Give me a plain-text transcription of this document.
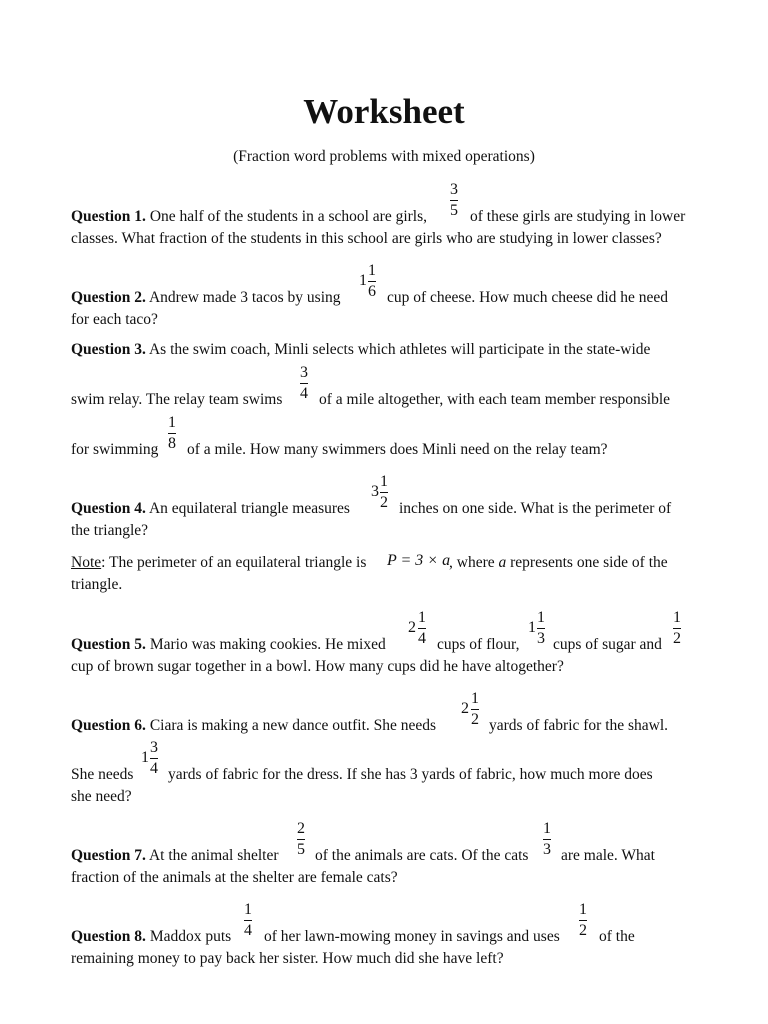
Worksheet
(Fraction word problems with mixed operations)
Question 1. One half of the students in a school are girls,
3
5 of these girls are studying in lower
classes. What fraction of the students in this school are girls who are studying in lower classes?
Question 2. Andrew made 3 tacos by using
1
1
6 cup of cheese. How much cheese did he need
for each taco?
Question 3. As the swim coach, Minli selects which athletes will participate in the state-wide
swim relay. The relay team swims
3
4 of a mile altogether, with each team member responsible
for swimming
1
8 of a mile. How many swimmers does Minli need on the relay team?
Question 4. An equilateral triangle measures
3
1
2 inches on one side. What is the perimeter of
the triangle?
Note: The perimeter of an equilateral triangle is P = 3 × a
, where a represents one side of the
triangle.
Question 5. Mario was making cookies. He mixed
2
1
4 cups of flour,
1
1
3 cups of sugar and
1
2
cup of brown sugar together in a bowl. How many cups did he have altogether?
Question 6. Ciara is making a new dance outfit. She needs
2
1
2 yards of fabric for the shawl.
She needs
1
3
4 yards of fabric for the dress. If she has 3 yards of fabric, how much more does
she need?
Question 7. At the animal shelter
2
5 of the animals are cats. Of the cats
1
3 are male. What
fraction of the animals at the shelter are female cats?
Question 8. Maddox puts
1
4 of her lawn-mowing money in savings and uses
1
2 of the
remaining money to pay back her sister. How much did she have left?
